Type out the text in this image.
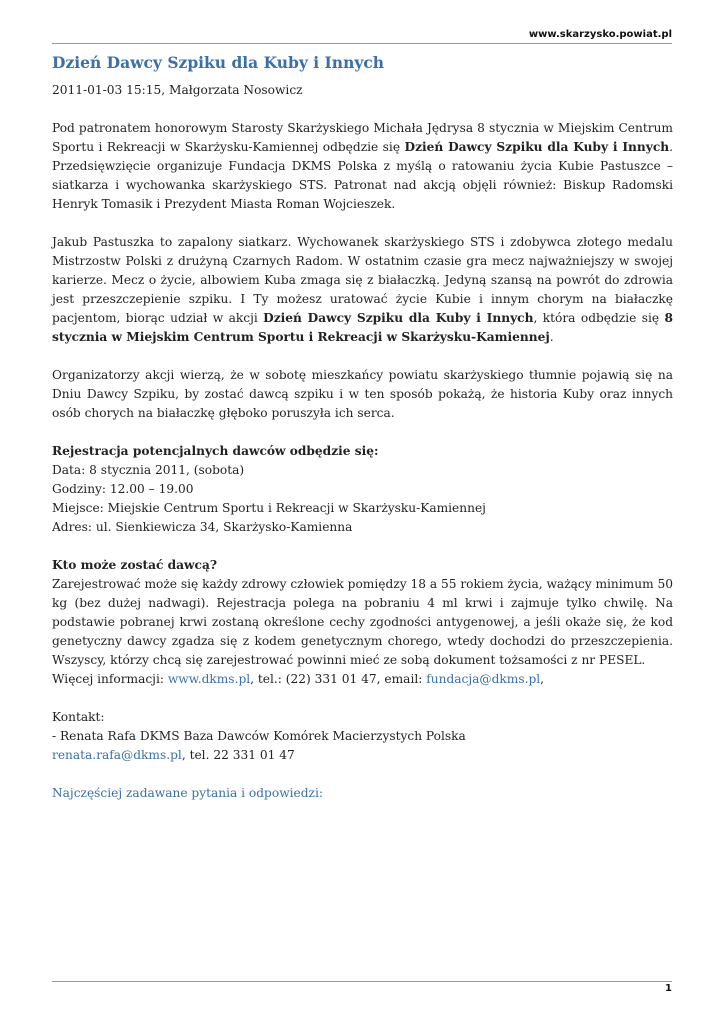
www.skarzysko.powiat.pl
Dzień Dawcy Szpiku dla Kuby i Innych
2011-01-03 15:15, Małgorzata Nosowicz

Pod patronatem honorowym Starosty Skarżyskiego Michała Jędrysa 8 stycznia w Miejskim Centrum Sportu i Rekreacji w Skarżysku-Kamiennej odbędzie się Dzień Dawcy Szpiku dla Kuby i Innych. Przedsięwzięcie organizuje Fundacja DKMS Polska z myślą o ratowaniu życia Kubie Pastuszce – siatkarza i wychowanka skarżyskiego STS. Patronat nad akcją objęli również: Biskup Radomski Henryk Tomasik i Prezydent Miasta Roman Wojcieszek.

Jakub Pastuszka to zapalony siatkarz. Wychowanek skarżyskiego STS i zdobywca złotego medalu Mistrzostw Polski z drużyną Czarnych Radom. W ostatnim czasie gra mecz najważniejszy w swojej karierze. Mecz o życie, albowiem Kuba zmaga się z białaczką. Jedyną szansą na powrót do zdrowia jest przeszczepienie szpiku. I Ty możesz uratować życie Kubie i innym chorym na białaczkę pacjentom, biorąc udział w akcji Dzień Dawcy Szpiku dla Kuby i Innych, która odbędzie się 8 stycznia w Miejskim Centrum Sportu i Rekreacji w Skarżysku-Kamiennej.

Organizatorzy akcji wierzą, że w sobotę mieszkańcy powiatu skarżyskiego tłumnie pojawią się na Dniu Dawcy Szpiku, by zostać dawcą szpiku i w ten sposób pokażą, że historia Kuby oraz innych osób chorych na białaczkę głęboko poruszyła ich serca.

Rejestracja potencjalnych dawców odbędzie się:
Data: 8 stycznia 2011, (sobota)
Godziny: 12.00 – 19.00
Miejsce: Miejskie Centrum Sportu i Rekreacji w Skarżysku-Kamiennej
Adres: ul. Sienkiewicza 34, Skarżysko-Kamienna

Kto może zostać dawcą?
Zarejestrować może się każdy zdrowy człowiek pomiędzy 18 a 55 rokiem życia, ważący minimum 50 kg (bez dużej nadwagi). Rejestracja polega na pobraniu 4 ml krwi i zajmuje tylko chwilę. Na podstawie pobranej krwi zostaną określone cechy zgodności antygenowej, a jeśli okaże się, że kod genetyczny dawcy zgadza się z kodem genetycznym chorego, wtedy dochodzi do przeszczepienia. Wszyscy, którzy chcą się zarejestrować powinni mieć ze sobą dokument tożsamości z nr PESEL.
Więcej informacji: www.dkms.pl, tel.: (22) 331 01 47, email: fundacja@dkms.pl,

Kontakt:
- Renata Rafa DKMS Baza Dawców Komórek Macierzystych Polska
renata.rafa@dkms.pl, tel. 22 331 01 47

Najczęściej zadawane pytania i odpowiedzi:

1
